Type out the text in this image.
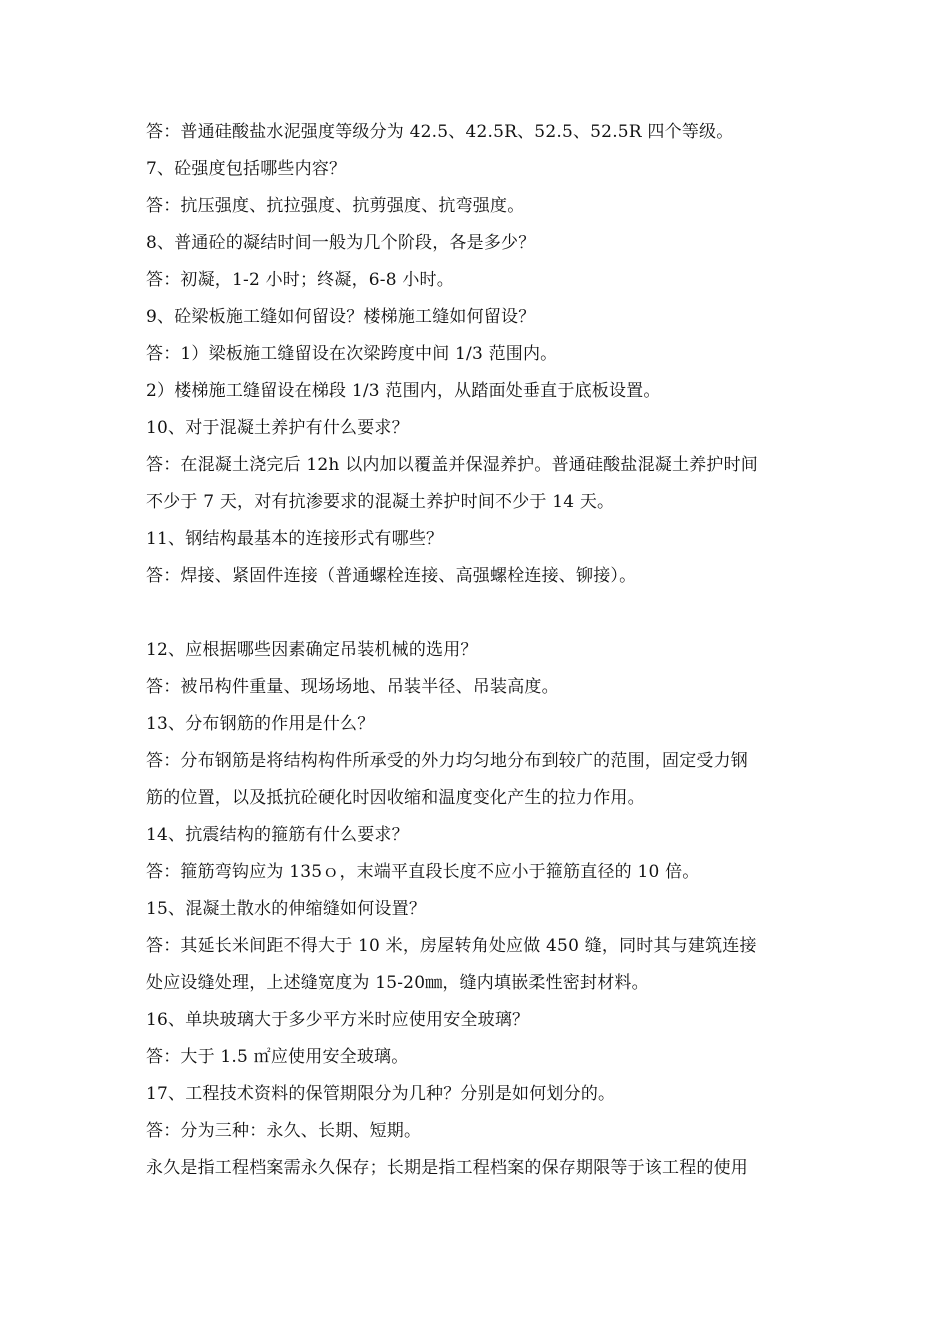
答：普通硅酸盐水泥强度等级分为 42.5、42.5R、52.5、52.5R 四个等级。
7、砼强度包括哪些内容？
答：抗压强度、抗拉强度、抗剪强度、抗弯强度。
8、普通砼的凝结时间一般为几个阶段，各是多少？
答：初凝，1-2 小时；终凝，6-8 小时。
9、砼梁板施工缝如何留设？楼梯施工缝如何留设？
答：1）梁板施工缝留设在次梁跨度中间 1/3 范围内。
2）楼梯施工缝留设在梯段 1/3 范围内，从踏面处垂直于底板设置。
10、对于混凝土养护有什么要求？
答：在混凝土浇完后 12h 以内加以覆盖并保湿养护。普通硅酸盐混凝土养护时间
不少于 7 天，对有抗渗要求的混凝土养护时间不少于 14 天。
11、钢结构最基本的连接形式有哪些？
答：焊接、紧固件连接（普通螺栓连接、高强螺栓连接、铆接）。
12、应根据哪些因素确定吊装机械的选用？
答：被吊构件重量、现场场地、吊装半径、吊装高度。
13、分布钢筋的作用是什么？
答：分布钢筋是将结构构件所承受的外力均匀地分布到较广的范围，固定受力钢
筋的位置，以及抵抗砼硬化时因收缩和温度变化产生的拉力作用。
14、抗震结构的箍筋有什么要求？
答：箍筋弯钩应为 135ｏ，末端平直段长度不应小于箍筋直径的 10 倍。
15、混凝土散水的伸缩缝如何设置？
答：其延长米间距不得大于 10 米，房屋转角处应做 450 缝，同时其与建筑连接
处应设缝处理，上述缝宽度为 15-20㎜，缝内填嵌柔性密封材料。
16、单块玻璃大于多少平方米时应使用安全玻璃？
答：大于 1.5 ㎡应使用安全玻璃。
17、工程技术资料的保管期限分为几种？分别是如何划分的。
答：分为三种：永久、长期、短期。
永久是指工程档案需永久保存；长期是指工程档案的保存期限等于该工程的使用
